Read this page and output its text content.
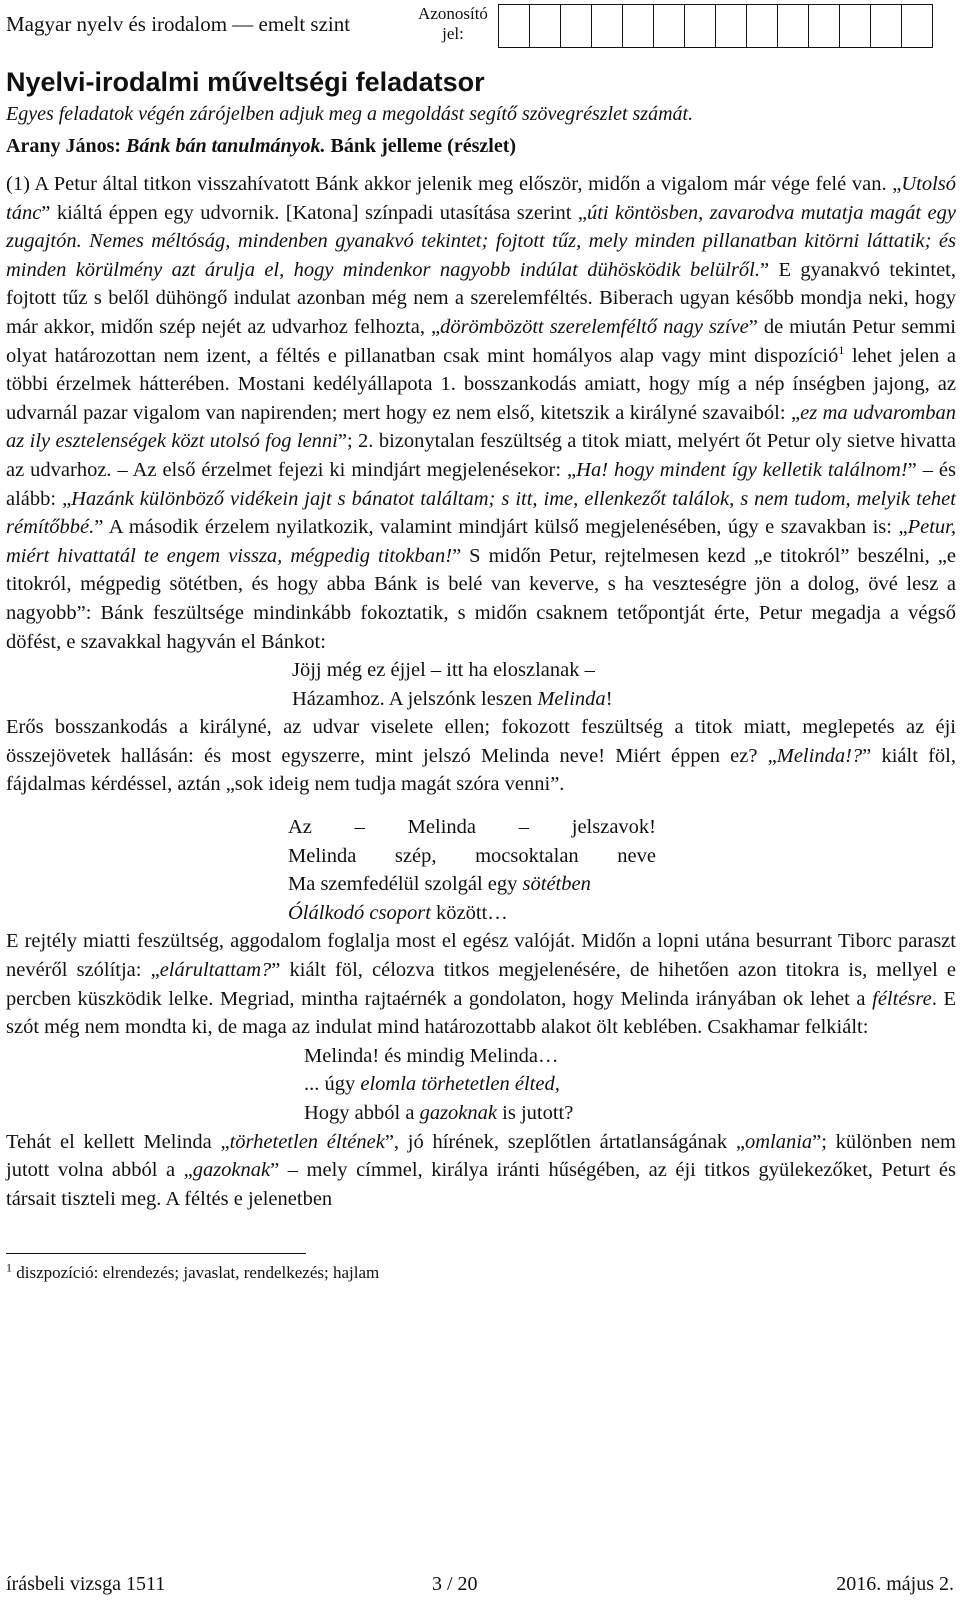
Magyar nyelv és irodalom — emelt szint	Azonosító
jel:
Nyelvi-irodalmi műveltségi feladatsor
Egyes feladatok végén zárójelben adjuk meg a megoldást segítő szövegrészlet számát.
Arany János: Bánk bán tanulmányok. Bánk jelleme (részlet)

(1) A Petur által titkon visszahívatott Bánk akkor jelenik meg először, midőn a vigalom már vége felé van. „Utolsó tánc” kiáltá éppen egy udvornik. [Katona] színpadi utasítása szerint „úti köntösben, zavarodva mutatja magát egy zugajtón. Nemes méltóság, mindenben gyanakvó tekintet; fojtott tűz, mely minden pillanatban kitörni láttatik; és minden körülmény azt árulja el, hogy mindenkor nagyobb indúlat dühösködik belülről.” E gyanakvó tekintet, fojtott tűz s belől dühöngő indulat azonban még nem a szerelemféltés. Biberach ugyan később mondja neki, hogy már akkor, midőn szép nejét az udvarhoz felhozta, „dörömbözött szerelemféltő nagy szíve” de miután Petur semmi olyat határozottan nem izent, a féltés e pillanatban csak mint homályos alap vagy mint dispozíció$^1$ lehet jelen a többi érzelmek hátterében. Mostani kedélyállapota 1. bosszankodás amiatt, hogy míg a nép ínségben jajong, az udvarnál pazar vigalom van napirenden; mert hogy ez nem első, kitetszik a királyné szavaiból: „ez ma udvaromban az ily esztelenségek közt utolsó fog lenni”; 2. bizonytalan feszültség a titok miatt, melyért őt Petur oly sietve hivatta az udvarhoz. – Az első érzelmet fejezi ki mindjárt megjelenésekor: „Ha! hogy mindent így kelletik találnom!” – és alább: „Hazánk különböző vidékein jajt s bánatot találtam; s itt, ime, ellenkezőt találok, s nem tudom, melyik tehet rémítőbbé.” A második érzelem nyilatkozik, valamint mindjárt külső megjelenésében, úgy e szavakban is: „Petur, miért hivattatál te engem vissza, mégpedig titokban!” S midőn Petur, rejtelmesen kezd „e titokról” beszélni, „e titokról, mégpedig sötétben, és hogy abba Bánk is belé van keverve, s ha veszteségre jön a dolog, övé lesz a nagyobb”: Bánk feszültsége mindinkább fokoztatik, s midőn csaknem tetőpontját érte, Petur megadja a végső döfést, e szavakkal hagyván el Bánkot:

Jöjj még ez éjjel – itt ha eloszlanak –
Házamhoz. A jelszónk leszen Melinda!

Erős bosszankodás a királyné, az udvar viselete ellen; fokozott feszültség a titok miatt, meglepetés az éji összejövetek hallásán: és most egyszerre, mint jelszó Melinda neve! Miért éppen ez? „Melinda!?” kiált föl, fájdalmas kérdéssel, aztán „sok ideig nem tudja magát szóra venni”.

Az – Melinda – jelszavok!
Melinda szép, mocsoktalan neve
Ma szemfedélül szolgál egy sötétben
Ólálkodó csoport között…

E rejtély miatti feszültség, aggodalom foglalja most el egész valóját. Midőn a lopni utána besurrant Tiborc paraszt nevéről szólítja: „elárultattam?” kiált föl, célozva titkos megjelenésére, de hihetően azon titokra is, mellyel e percben küszködik lelke. Megriad, mintha rajtaérnék a gondolaton, hogy Melinda irányában ok lehet a féltésre. E szót még nem mondta ki, de maga az indulat mind határozottabb alakot ölt keblében. Csakhamar felkiált:

Melinda! és mindig Melinda…
... úgy elomla törhetetlen élted,
Hogy abból a gazoknak is jutott?

Tehát el kellett Melinda „törhetetlen éltének”, jó hírének, szeplőtlen ártatlanságának „omlania”; különben nem jutott volna abból a „gazoknak” – mely címmel, királya iránti hűségében, az éji titkos gyülekezőket, Peturt és társait tiszteli meg. A féltés e jelenetben

$^1$ diszpozíció: elrendezés; javaslat, rendelkezés; hajlam
írásbeli vizsga 1511	3 / 20	2016. május 2.
